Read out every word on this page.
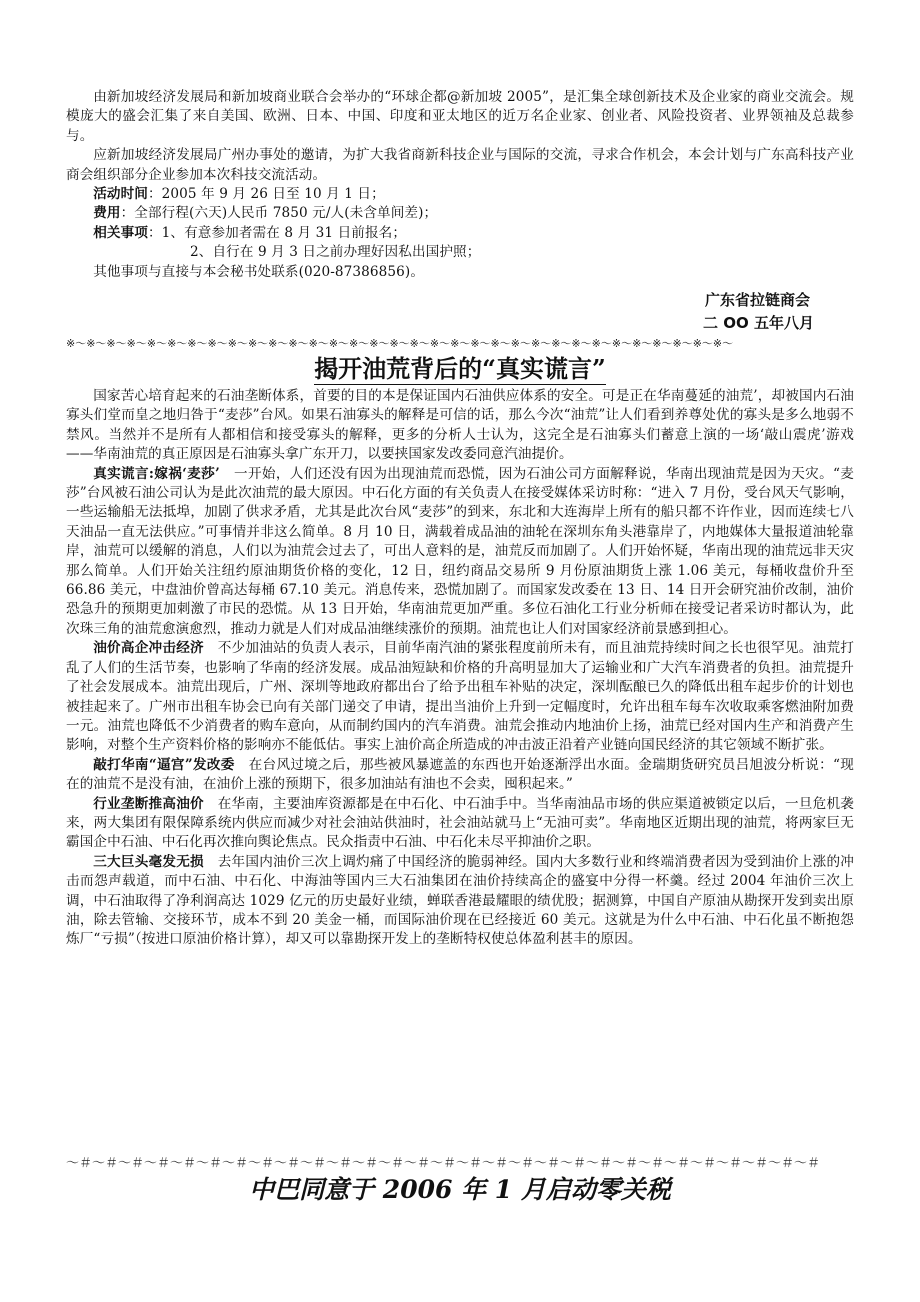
由新加坡经济发展局和新加坡商业联合会举办的“环球企都@新加坡 2005”，是汇集全球创新技术及企业家的商业交流会。规模庞大的盛会汇集了来自美国、欧洲、日本、中国、印度和亚太地区的近万名企业家、创业者、风险投资者、业界领袖及总裁参与。

应新加坡经济发展局广州办事处的邀请，为扩大我省商新科技企业与国际的交流，寻求合作机会，本会计划与广东高科技产业商会组织部分企业参加本次科技交流活动。

活动时间：2005 年 9 月 26 日至 10 月 1 日；

费用：全部行程(六天)人民币 7850 元/人(未含单间差)；

相关事项：1、有意参加者需在 8 月 31 日前报名；

2、自行在 9 月 3 日之前办理好因私出国护照；

其他事项与直接与本会秘书处联系(020-87386856)。

广东省拉链商会
二 OO 五年八月
※～※～※～※～※～※～※～※～※～※～※～※～※～※～※～※～※～※～※～※～※～※～※～※～※～※～※～※～※～※～※～※～※～
揭开油荒背后的“真实谎言”

国家苦心培育起来的石油垄断体系，首要的目的本是保证国内石油供应体系的安全。可是正在华南蔓延的油荒’，却被国内石油寡头们堂而皇之地归咎于“麦莎”台风。如果石油寡头的解释是可信的话，那么今次“油荒”让人们看到养尊处优的寡头是多么地弱不禁风。当然并不是所有人都相信和接受寡头的解释，更多的分析人士认为，这完全是石油寡头们蓄意上演的一场‘敲山震虎’游戏——华南油荒的真正原因是石油寡头拿广东开刀，以要挟国家发改委同意汽油提价。

真实谎言:嫁祸‘麦莎’　一开始，人们还没有因为出现油荒而恐慌，因为石油公司方面解释说，华南出现油荒是因为天灾。“麦莎”台风被石油公司认为是此次油荒的最大原因。中石化方面的有关负责人在接受媒体采访时称：“进入 7 月份，受台风天气影响，一些运输船无法抵埠，加剧了供求矛盾，尤其是此次台风“麦莎”的到来，东北和大连海岸上所有的船只都不许作业，因而连续七八天油品一直无法供应。”可事情并非这么简单。8 月 10 日，满载着成品油的油轮在深圳东角头港靠岸了，内地媒体大量报道油轮靠岸，油荒可以缓解的消息，人们以为油荒会过去了，可出人意料的是，油荒反而加剧了。人们开始怀疑，华南出现的油荒远非天灾那么简单。人们开始关注纽约原油期货价格的变化，12 日，纽约商品交易所 9 月份原油期货上涨 1.06 美元，每桶收盘价升至 66.86 美元，中盘油价曾高达每桶 67.10 美元。消息传来，恐慌加剧了。而国家发改委在 13 日、14 日开会研究油价改制，油价恐急升的预期更加刺激了市民的恐慌。从 13 日开始，华南油荒更加严重。多位石油化工行业分析师在接受记者采访时都认为，此次珠三角的油荒愈演愈烈，推动力就是人们对成品油继续涨价的预期。油荒也让人们对国家经济前景感到担心。

油价高企冲击经济　不少加油站的负责人表示，目前华南汽油的紧张程度前所未有，而且油荒持续时间之长也很罕见。油荒打乱了人们的生活节奏，也影响了华南的经济发展。成品油短缺和价格的升高明显加大了运输业和广大汽车消费者的负担。油荒提升了社会发展成本。油荒出现后，广州、深圳等地政府都出台了给予出租车补贴的决定，深圳酝酿已久的降低出租车起步价的计划也被挂起来了。广州市出租车协会已向有关部门递交了申请，提出当油价上升到一定幅度时，允许出租车每车次收取乘客燃油附加费一元。油荒也降低不少消费者的购车意向，从而制约国内的汽车消费。油荒会推动内地油价上扬，油荒已经对国内生产和消费产生影响，对整个生产资料价格的影响亦不能低估。事实上油价高企所造成的冲击波正沿着产业链向国民经济的其它领域不断扩张。

敲打华南“逼宫”发改委　在台风过境之后，那些被风暴遮盖的东西也开始逐渐浮出水面。金瑞期货研究员吕旭波分析说：“现在的油荒不是没有油，在油价上涨的预期下，很多加油站有油也不会卖，囤积起来。”

行业垄断推高油价　在华南，主要油库资源都是在中石化、中石油手中。当华南油品市场的供应渠道被锁定以后，一旦危机袭来，两大集团有限保障系统内供应而减少对社会油站供油时，社会油站就马上“无油可卖”。华南地区近期出现的油荒，将两家巨无霸国企中石油、中石化再次推向舆论焦点。民众指责中石油、中石化未尽平抑油价之职。

三大巨头毫发无损　去年国内油价三次上调灼痛了中国经济的脆弱神经。国内大多数行业和终端消费者因为受到油价上涨的冲击而怨声载道，而中石油、中石化、中海油等国内三大石油集团在油价持续高企的盛宴中分得一杯羹。经过 2004 年油价三次上调，中石油取得了净利润高达 1029 亿元的历史最好业绩，蝉联香港最耀眼的绩优股；据测算，中国自产原油从勘探开发到卖出原油，除去管输、交接环节，成本不到 20 美金一桶，而国际油价现在已经接近 60 美元。这就是为什么中石油、中石化虽不断抱怨炼厂“亏损”（按进口原油价格计算），却又可以靠勘探开发上的垄断特权使总体盈利甚丰的原因。

～＃～＃～＃～＃～＃～＃～＃～＃～＃～＃～＃～＃～＃～＃～＃～＃～＃～＃～＃～＃～＃～＃～＃～＃～＃～＃～＃～＃～＃
中巴同意于 2006 年 1 月启动零关税
